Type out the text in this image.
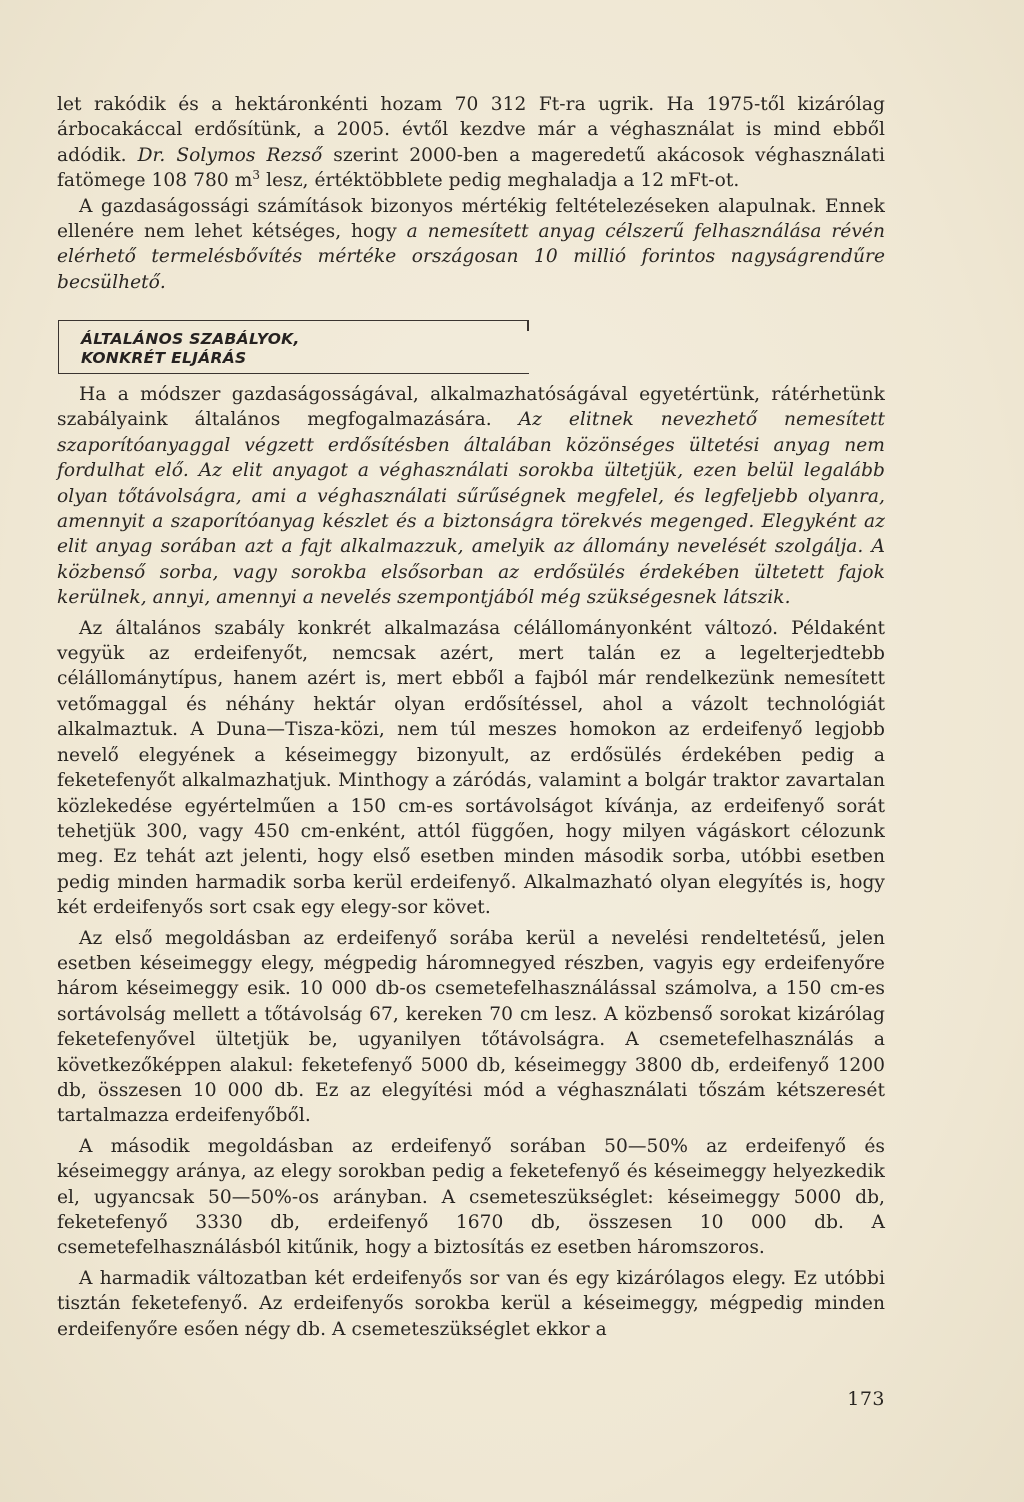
let rakódik és a hektáronkénti hozam 70 312 Ft-ra ugrik. Ha 1975-től kizárólag árbocakáccal erdősítünk, a 2005. évtől kezdve már a véghasználat is mind ebből adódik. Dr. Solymos Rezső szerint 2000-ben a mageredetű akácosok véghasználati fatömege 108 780 $m^3$ lesz, értéktöbblete pedig meghaladja a 12 mFt-ot.

A gazdaságossági számítások bizonyos mértékig feltételezéseken alapulnak. Ennek ellenére nem lehet kétséges, hogy a nemesített anyag célszerű felhasználása révén elérhető termelésbővítés mértéke országosan 10 millió forintos nagyságrendűre becsülhető.

ÁLTALÁNOS SZABÁLYOK,
KONKRÉT ELJÁRÁS

Ha a módszer gazdaságosságával, alkalmazhatóságával egyetértünk, rátérhetünk szabályaink általános megfogalmazására. Az elitnek nevezhető nemesített szaporítóanyaggal végzett erdősítésben általában közönséges ültetési anyag nem fordulhat elő. Az elit anyagot a véghasználati sorokba ültetjük, ezen belül legalább olyan tőtávolságra, ami a véghasználati sűrűségnek megfelel, és legfeljebb olyanra, amennyit a szaporítóanyag készlet és a biztonságra törekvés megenged. Elegyként az elit anyag sorában azt a fajt alkalmazzuk, amelyik az állomány nevelését szolgálja. A közbenső sorba, vagy sorokba elsősorban az erdősülés érdekében ültetett fajok kerülnek, annyi, amennyi a nevelés szempontjából még szükségesnek látszik.

Az általános szabály konkrét alkalmazása célállományonként változó. Példaként vegyük az erdeifenyőt, nemcsak azért, mert talán ez a legelterjedtebb célállománytípus, hanem azért is, mert ebből a fajból már rendelkezünk nemesített vetőmaggal és néhány hektár olyan erdősítéssel, ahol a vázolt technológiát alkalmaztuk. A Duna—Tisza-közi, nem túl meszes homokon az erdeifenyő legjobb nevelő elegyének a késeimeggy bizonyult, az erdősülés érdekében pedig a feketefenyőt alkalmazhatjuk. Minthogy a záródás, valamint a bolgár traktor zavartalan közlekedése egyértelműen a 150 cm-es sortávolságot kívánja, az erdeifenyő sorát tehetjük 300, vagy 450 cm-enként, attól függően, hogy milyen vágáskort célozunk meg. Ez tehát azt jelenti, hogy első esetben minden második sorba, utóbbi esetben pedig minden harmadik sorba kerül erdeifenyő. Alkalmazható olyan elegyítés is, hogy két erdeifenyős sort csak egy elegy-sor követ.

Az első megoldásban az erdeifenyő sorába kerül a nevelési rendeltetésű, jelen esetben késeimeggy elegy, mégpedig háromnegyed részben, vagyis egy erdeifenyőre három késeimeggy esik. 10 000 db-os csemetefelhasználással számolva, a 150 cm-es sortávolság mellett a tőtávolság 67, kereken 70 cm lesz. A közbenső sorokat kizárólag feketefenyővel ültetjük be, ugyanilyen tőtávolságra. A csemetefelhasználás a következőképpen alakul: feketefenyő 5000 db, késeimeggy 3800 db, erdeifenyő 1200 db, összesen 10 000 db. Ez az elegyítési mód a véghasználati tőszám kétszeresét tartalmazza erdeifenyőből.

A második megoldásban az erdeifenyő sorában 50—50% az erdeifenyő és késeimeggy aránya, az elegy sorokban pedig a feketefenyő és késeimeggy helyezkedik el, ugyancsak 50—50%-os arányban. A csemeteszükséglet: késeimeggy 5000 db, feketefenyő 3330 db, erdeifenyő 1670 db, összesen 10 000 db. A csemetefelhasználásból kitűnik, hogy a biztosítás ez esetben háromszoros.

A harmadik változatban két erdeifenyős sor van és egy kizárólagos elegy. Ez utóbbi tisztán feketefenyő. Az erdeifenyős sorokba kerül a késeimeggy, mégpedig minden erdeifenyőre esően négy db. A csemeteszükséglet ekkor a

173
